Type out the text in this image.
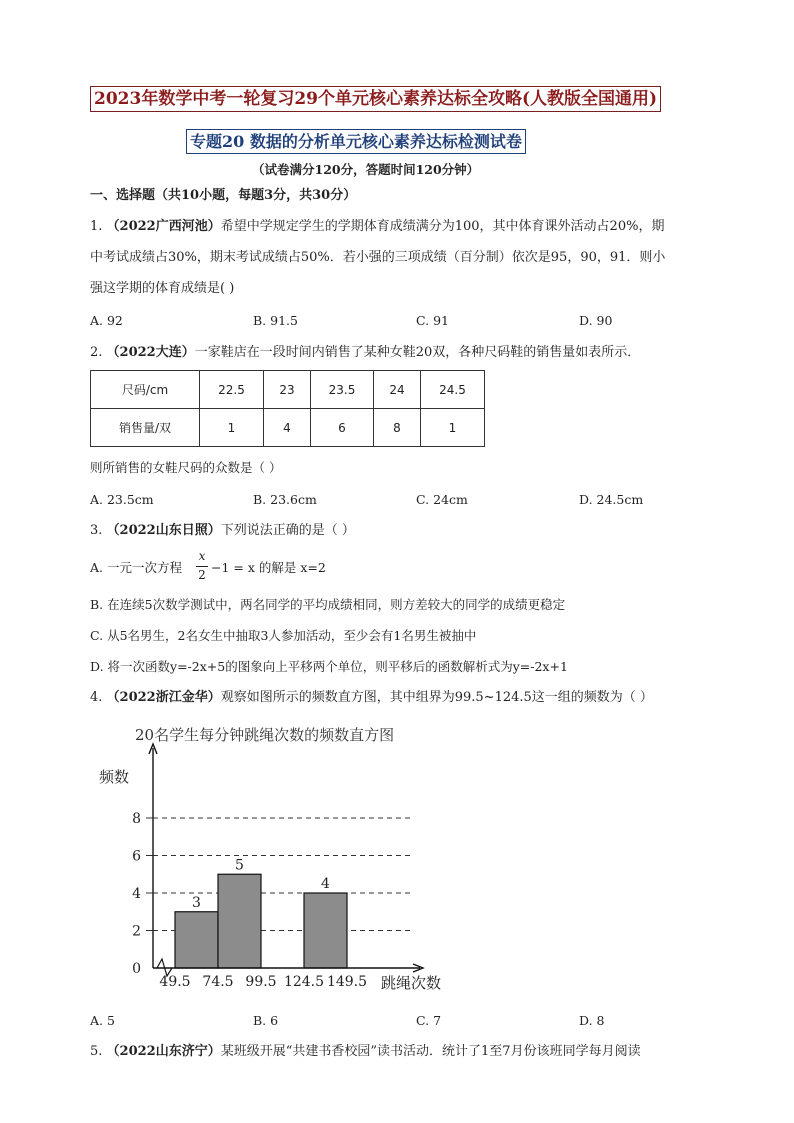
2023年数学中考一轮复习29个单元核心素养达标全攻略(人教版全国通用)
专题20 数据的分析单元核心素养达标检测试卷
（试卷满分120分，答题时间120分钟）
一、选择题（共10小题，每题3分，共30分）
1. （2022广西河池）希望中学规定学生的学期体育成绩满分为100，其中体育课外活动占20%，期
中考试成绩占30%，期末考试成绩占50%．若小强的三项成绩（百分制）依次是95，90，91．则小
强这学期的体育成绩是( )
A. 92	B. 91.5	C. 91	D. 90
2. （2022大连）一家鞋店在一段时间内销售了某种女鞋20双，各种尺码鞋的销售量如表所示．
尺码/cm	22.5	23	23.5	24	24.5
销售量/双	1	4	6	8	1
则所销售的女鞋尺码的众数是（ ）
A. 23.5cm	B. 23.6cm	C. 24cm	D. 24.5cm
3. （2022山东日照）下列说法正确的是（ ）
A. 一元一次方程
x
2 −1 = x 的解是 x=2
B. 在连续5次数学测试中，两名同学的平均成绩相同，则方差较大的同学的成绩更稳定
C. 从5名男生，2名女生中抽取3人参加活动，至少会有1名男生被抽中
D. 将一次函数y=-2x+5的图象向上平移两个单位，则平移后的函数解析式为y=-2x+1
4. （2022浙江金华）观察如图所示的频数直方图，其中组界为99.5~124.5这一组的频数为（ ）
20名学生每分钟跳绳次数的频数直方图
频数
跳绳次数
3
5
4
0
2
4
6
8
49.5 74.5 99.5 124.5 149.5
A. 5	B. 6	C. 7	D. 8
5. （2022山东济宁）某班级开展“共建书香校园”读书活动．统计了1至7月份该班同学每月阅读
